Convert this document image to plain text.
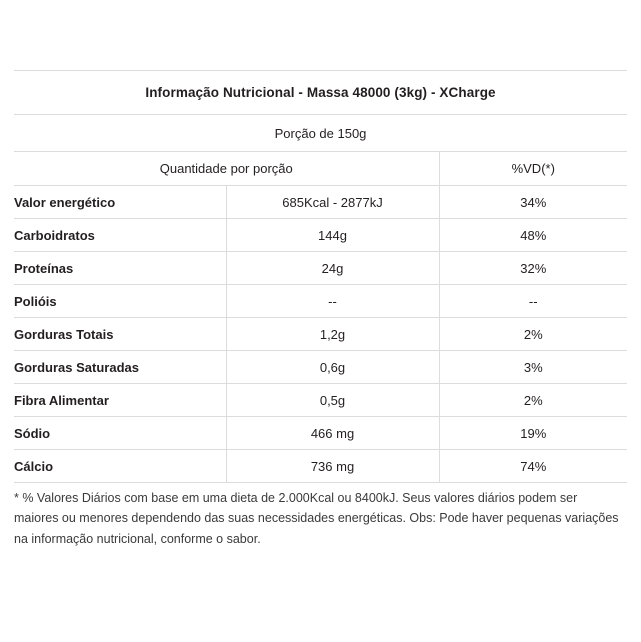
Informação Nutricional - Massa 48000 (3kg) - XCharge		
Porção de 150g		
Quantidade por porção		%VD(*)
Valor energético	685Kcal - 2877kJ	34%
Carboidratos	144g	48%
Proteínas	24g	32%
Polióis	--	--
Gorduras Totais	1,2g	2%
Gorduras Saturadas	0,6g	3%
Fibra Alimentar	0,5g	2%
Sódio	466 mg	19%
Cálcio	736 mg	74%
* % Valores Diários com base em uma dieta de 2.000Kcal ou 8400kJ. Seus valores diários podem ser maiores ou menores dependendo das suas necessidades energéticas. Obs: Pode haver pequenas variações na informação nutricional, conforme o sabor.
